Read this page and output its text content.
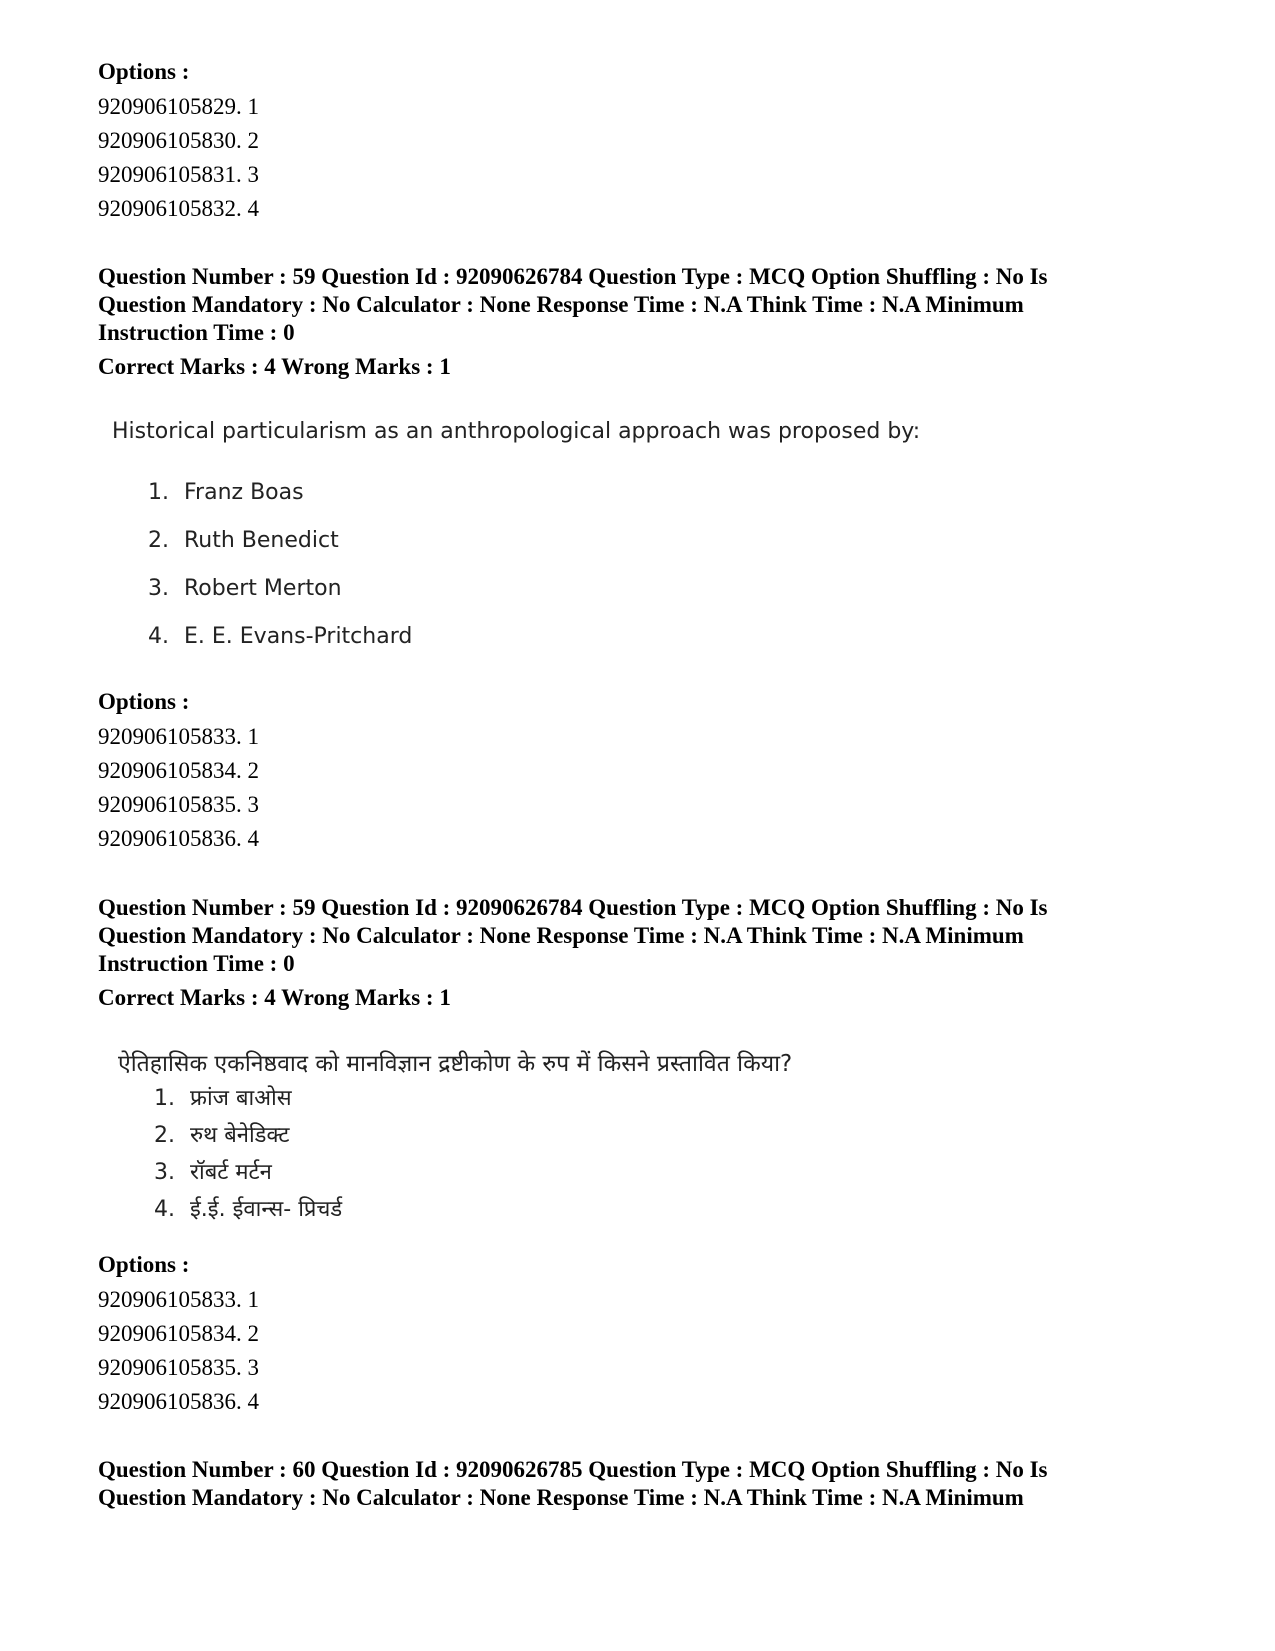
Options :
920906105829. 1
920906105830. 2
920906105831. 3
920906105832. 4
Question Number : 59 Question Id : 92090626784 Question Type : MCQ Option Shuffling : No Is
Question Mandatory : No Calculator : None Response Time : N.A Think Time : N.A Minimum
Instruction Time : 0
Correct Marks : 4 Wrong Marks : 1
Historical particularism as an anthropological approach was proposed by:
1. Franz Boas
2. Ruth Benedict
3. Robert Merton
4. E. E. Evans-Pritchard
Options :
920906105833. 1
920906105834. 2
920906105835. 3
920906105836. 4
Question Number : 59 Question Id : 92090626784 Question Type : MCQ Option Shuffling : No Is
Question Mandatory : No Calculator : None Response Time : N.A Think Time : N.A Minimum
Instruction Time : 0
Correct Marks : 4 Wrong Marks : 1
ऐतिहासिक एकनिष्ठवाद को मानविज्ञान द्रष्टीकोण के रुप में किसने प्रस्तावित किया?
1. फ्रांज बाओस
2. रुथ बेनेडिक्ट
3. रॉबर्ट मर्टन
4. ई.ई. ईवान्स- प्रिचर्ड
Options :
920906105833. 1
920906105834. 2
920906105835. 3
920906105836. 4
Question Number : 60 Question Id : 92090626785 Question Type : MCQ Option Shuffling : No Is
Question Mandatory : No Calculator : None Response Time : N.A Think Time : N.A Minimum
